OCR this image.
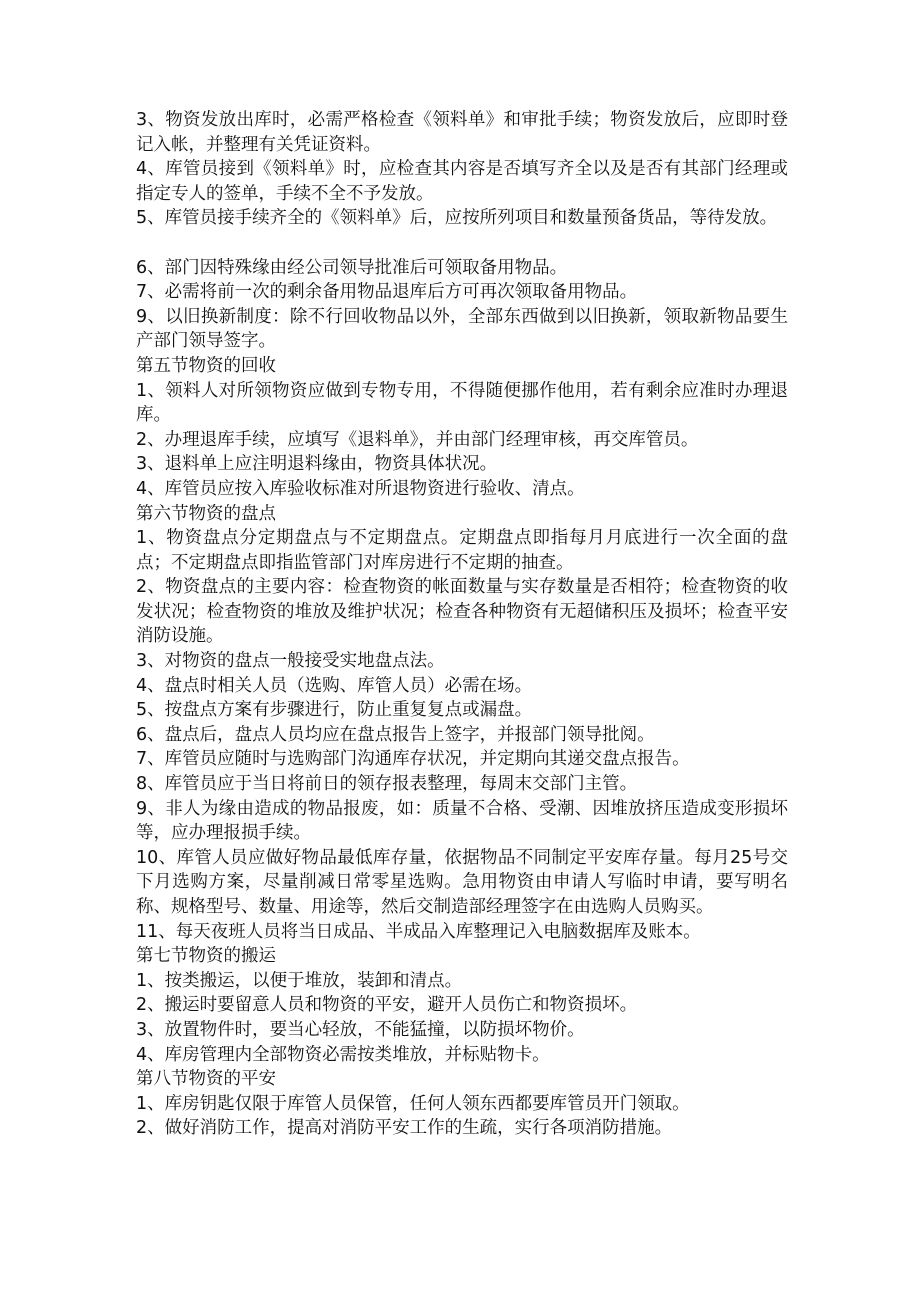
3、物资发放出库时，必需严格检查《领料单》和审批手续；物资发放后，应即时登记入帐，并整理有关凭证资料。

4、库管员接到《领料单》时，应检查其内容是否填写齐全以及是否有其部门经理或指定专人的签单，手续不全不予发放。

5、库管员接手续齐全的《领料单》后，应按所列项目和数量预备货品，等待发放。

6、部门因特殊缘由经公司领导批准后可领取备用物品。

7、必需将前一次的剩余备用物品退库后方可再次领取备用物品。

9、以旧换新制度：除不行回收物品以外，全部东西做到以旧换新，领取新物品要生产部门领导签字。

第五节物资的回收

1、领料人对所领物资应做到专物专用，不得随便挪作他用，若有剩余应准时办理退库。

2、办理退库手续，应填写《退料单》，并由部门经理审核，再交库管员。

3、退料单上应注明退料缘由，物资具体状况。

4、库管员应按入库验收标准对所退物资进行验收、清点。

第六节物资的盘点

1、物资盘点分定期盘点与不定期盘点。定期盘点即指每月月底进行一次全面的盘点；不定期盘点即指监管部门对库房进行不定期的抽查。

2、物资盘点的主要内容：检查物资的帐面数量与实存数量是否相符；检查物资的收发状况；检查物资的堆放及维护状况；检查各种物资有无超储积压及损坏；检查平安消防设施。

3、对物资的盘点一般接受实地盘点法。

4、盘点时相关人员（选购、库管人员）必需在场。

5、按盘点方案有步骤进行，防止重复复点或漏盘。

6、盘点后，盘点人员均应在盘点报告上签字，并报部门领导批阅。

7、库管员应随时与选购部门沟通库存状况，并定期向其递交盘点报告。

8、库管员应于当日将前日的领存报表整理，每周末交部门主管。

9、非人为缘由造成的物品报废，如：质量不合格、受潮、因堆放挤压造成变形损坏等，应办理报损手续。

10、库管人员应做好物品最低库存量，依据物品不同制定平安库存量。每月25号交下月选购方案，尽量削减日常零星选购。急用物资由申请人写临时申请，要写明名称、规格型号、数量、用途等，然后交制造部经理签字在由选购人员购买。

11、每天夜班人员将当日成品、半成品入库整理记入电脑数据库及账本。

第七节物资的搬运

1、按类搬运，以便于堆放，装卸和清点。

2、搬运时要留意人员和物资的平安，避开人员伤亡和物资损坏。

3、放置物件时，要当心轻放，不能猛撞，以防损坏物价。

4、库房管理内全部物资必需按类堆放，并标贴物卡。

第八节物资的平安

1、库房钥匙仅限于库管人员保管，任何人领东西都要库管员开门领取。

2、做好消防工作，提高对消防平安工作的生疏，实行各项消防措施。
